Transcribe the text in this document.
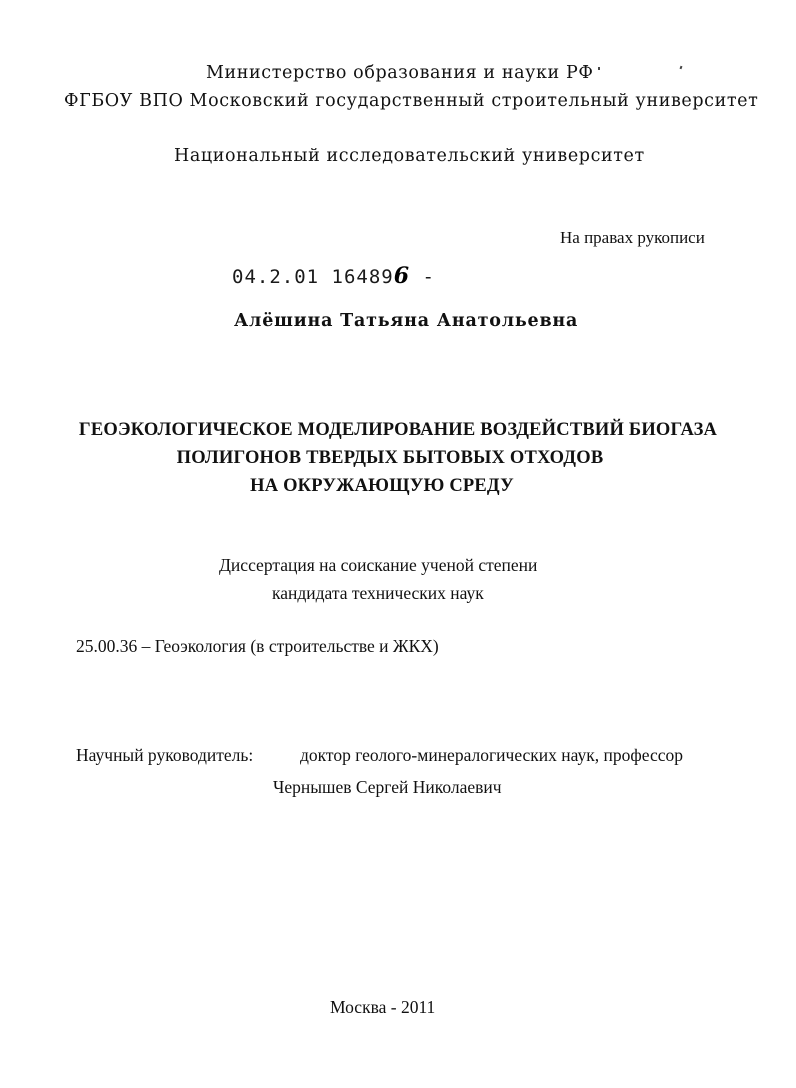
Министерство образования и науки РФ
ФГБОУ ВПО Московский государственный строительный университет
Национальный исследовательский университет
На правах рукописи
04.2.01 164896 -
Алёшина Татьяна Анатольевна
ГЕОЭКОЛОГИЧЕСКОЕ МОДЕЛИРОВАНИЕ ВОЗДЕЙСТВИЙ БИОГАЗА
ПОЛИГОНОВ ТВЕРДЫХ БЫТОВЫХ ОТХОДОВ
НА ОКРУЖАЮЩУЮ СРЕДУ
Диссертация на соискание ученой степени
кандидата технических наук
25.00.36 – Геоэкология (в строительстве и ЖКХ)
Научный руководитель:	доктор геолого-минералогических наук, профессор
Чернышев Сергей Николаевич
Москва - 2011
